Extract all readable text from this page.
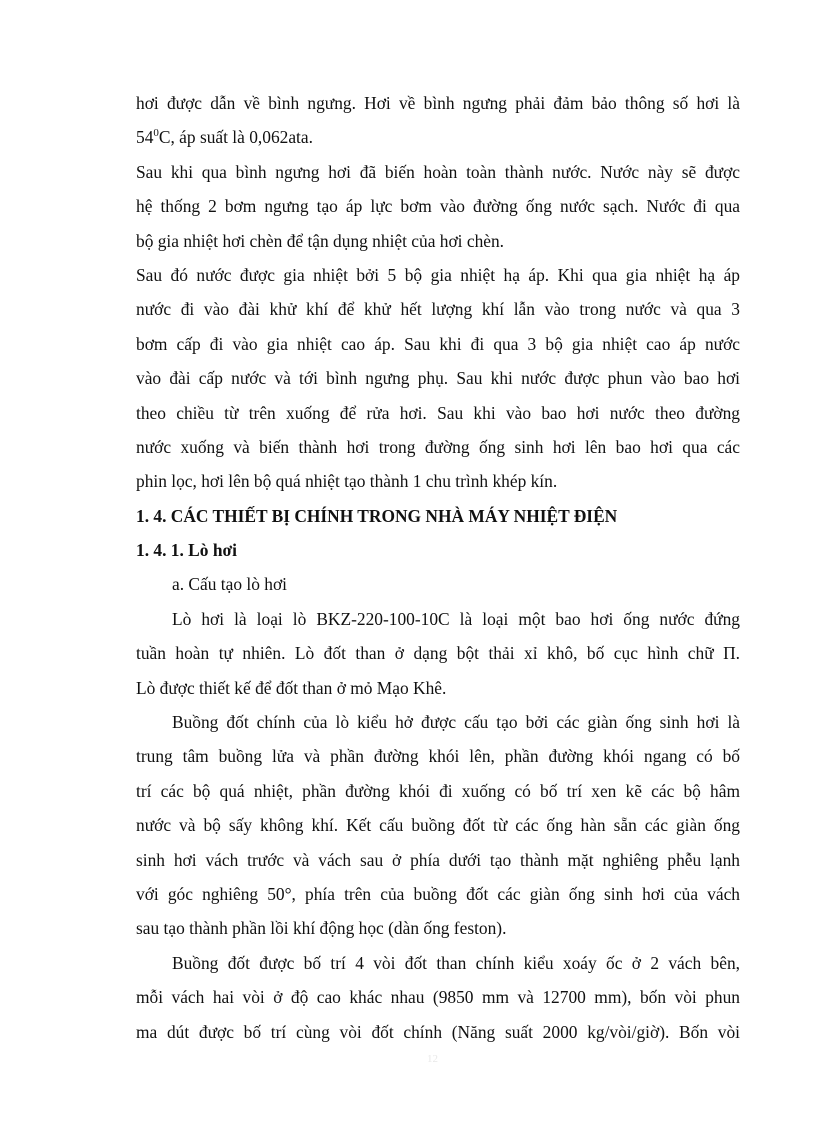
hơi được dẫn về bình ngưng. Hơi về bình ngưng phải đảm bảo thông số hơi là
$54^0C$, áp suất là 0,062ata.
Sau khi qua bình ngưng hơi đã biến hoàn toàn thành nước. Nước này sẽ được
hệ thống 2 bơm ngưng tạo áp lực bơm vào đường ống nước sạch. Nước đi qua
bộ gia nhiệt hơi chèn để tận dụng nhiệt của hơi chèn.
Sau đó nước được gia nhiệt bởi 5 bộ gia nhiệt hạ áp. Khi qua gia nhiệt hạ áp
nước đi vào đài khử khí để khử hết lượng khí lẫn vào trong nước và qua 3
bơm cấp đi vào gia nhiệt cao áp. Sau khi đi qua 3 bộ gia nhiệt cao áp nước
vào đài cấp nước và tới bình ngưng phụ. Sau khi nước được phun vào bao hơi
theo chiều từ trên xuống để rửa hơi. Sau khi vào bao hơi nước theo đường
nước xuống và biến thành hơi trong đường ống sinh hơi lên bao hơi qua các
phin lọc, hơi lên bộ quá nhiệt tạo thành 1 chu trình khép kín.
1. 4. CÁC THIẾT BỊ CHÍNH TRONG NHÀ MÁY NHIỆT ĐIỆN
1. 4. 1. Lò hơi
a. Cấu tạo lò hơi
Lò hơi là loại lò BKZ-220-100-10C là loại một bao hơi ống nước đứng
tuần hoàn tự nhiên. Lò đốt than ở dạng bột thải xỉ khô, bố cục hình chữ Π.
Lò được thiết kế để đốt than ở mỏ Mạo Khê.
Buồng đốt chính của lò kiểu hở được cấu tạo bởi các giàn ống sinh hơi là
trung tâm buồng lửa và phần đường khói lên, phần đường khói ngang có bố
trí các bộ quá nhiệt, phần đường khói đi xuống có bố trí xen kẽ các bộ hâm
nước và bộ sấy không khí. Kết cấu buồng đốt từ các ống hàn sẵn các giàn ống
sinh hơi vách trước và vách sau ở phía dưới tạo thành mặt nghiêng phễu lạnh
với góc nghiêng 50°, phía trên của buồng đốt các giàn ống sinh hơi của vách
sau tạo thành phần lồi khí động học (dàn ống feston).
Buồng đốt được bố trí 4 vòi đốt than chính kiểu xoáy ốc ở 2 vách bên,
mỗi vách hai vòi ở độ cao khác nhau (9850 mm và 12700 mm), bốn vòi phun
ma dút được bố trí cùng vòi đốt chính (Năng suất 2000 kg/vòi/giờ). Bốn vòi
12
